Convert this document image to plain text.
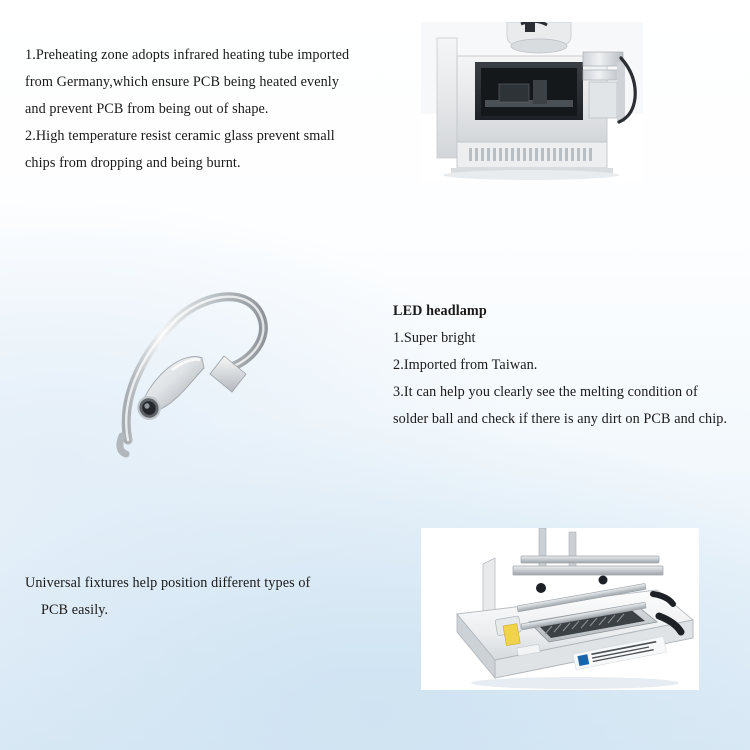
1.Preheating zone adopts infrared heating tube imported
from Germany,which ensure PCB being heated evenly
and prevent PCB from being out of shape.
2.High temperature resist ceramic glass prevent small
chips from dropping and being burnt.
LED headlamp
1.Super bright
2.Imported from Taiwan.
3.It can help you clearly see the melting condition of
solder ball and check if there is any dirt on PCB and chip.
Universal fixtures help position different types of
PCB easily.
